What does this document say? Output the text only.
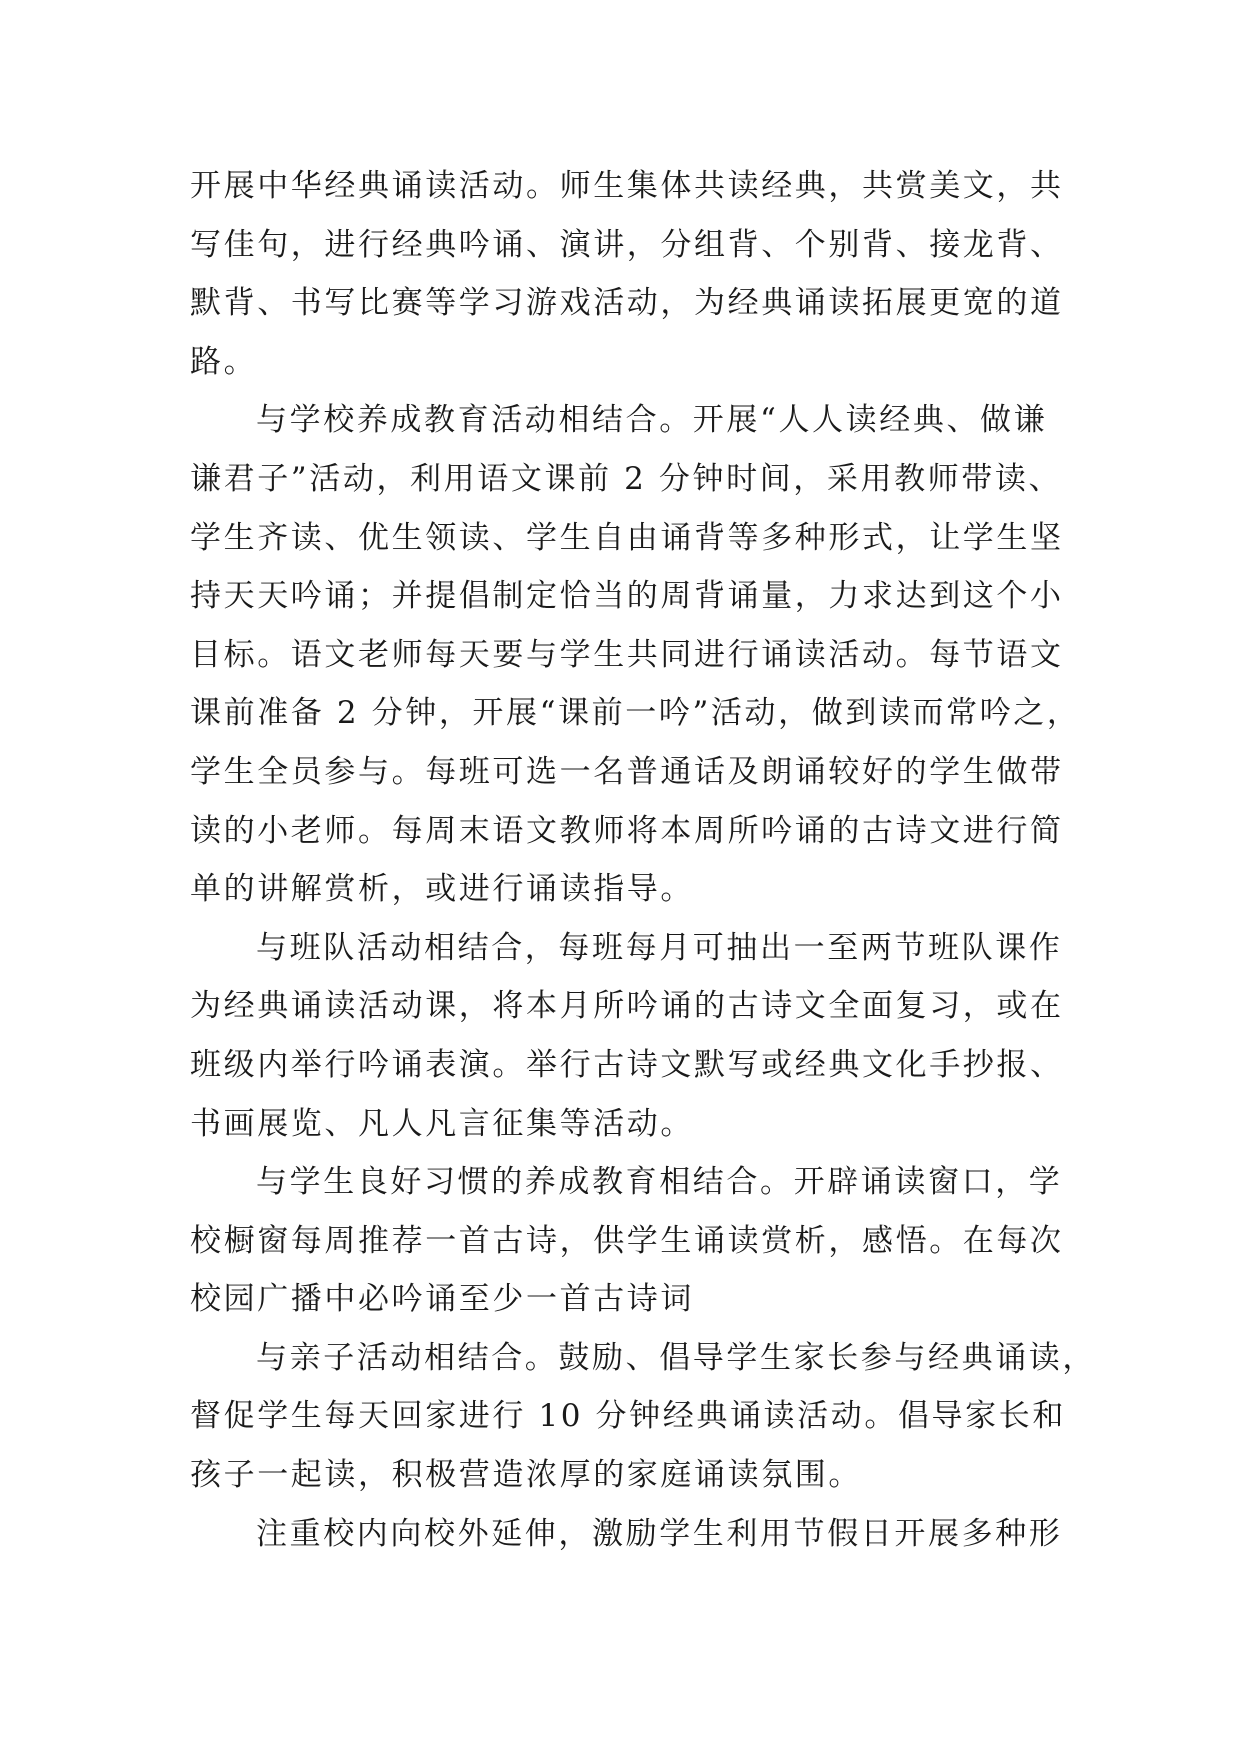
开展中华经典诵读活动。师生集体共读经典，共赏美文，共
写佳句，进行经典吟诵、演讲，分组背、个别背、接龙背、
默背、书写比赛等学习游戏活动，为经典诵读拓展更宽的道
路。

与学校养成教育活动相结合。开展“人人读经典、做谦
谦君子”活动，利用语文课前 2 分钟时间，采用教师带读、
学生齐读、优生领读、学生自由诵背等多种形式，让学生坚
持天天吟诵；并提倡制定恰当的周背诵量，力求达到这个小
目标。语文老师每天要与学生共同进行诵读活动。每节语文
课前准备 2 分钟，开展“课前一吟”活动，做到读而常吟之，
学生全员参与。每班可选一名普通话及朗诵较好的学生做带
读的小老师。每周末语文教师将本周所吟诵的古诗文进行简
单的讲解赏析，或进行诵读指导。

与班队活动相结合，每班每月可抽出一至两节班队课作
为经典诵读活动课，将本月所吟诵的古诗文全面复习，或在
班级内举行吟诵表演。举行古诗文默写或经典文化手抄报、
书画展览、凡人凡言征集等活动。

与学生良好习惯的养成教育相结合。开辟诵读窗口，学
校橱窗每周推荐一首古诗，供学生诵读赏析，感悟。在每次
校园广播中必吟诵至少一首古诗词

与亲子活动相结合。鼓励、倡导学生家长参与经典诵读，
督促学生每天回家进行 10 分钟经典诵读活动。倡导家长和
孩子一起读，积极营造浓厚的家庭诵读氛围。

注重校内向校外延伸，激励学生利用节假日开展多种形
